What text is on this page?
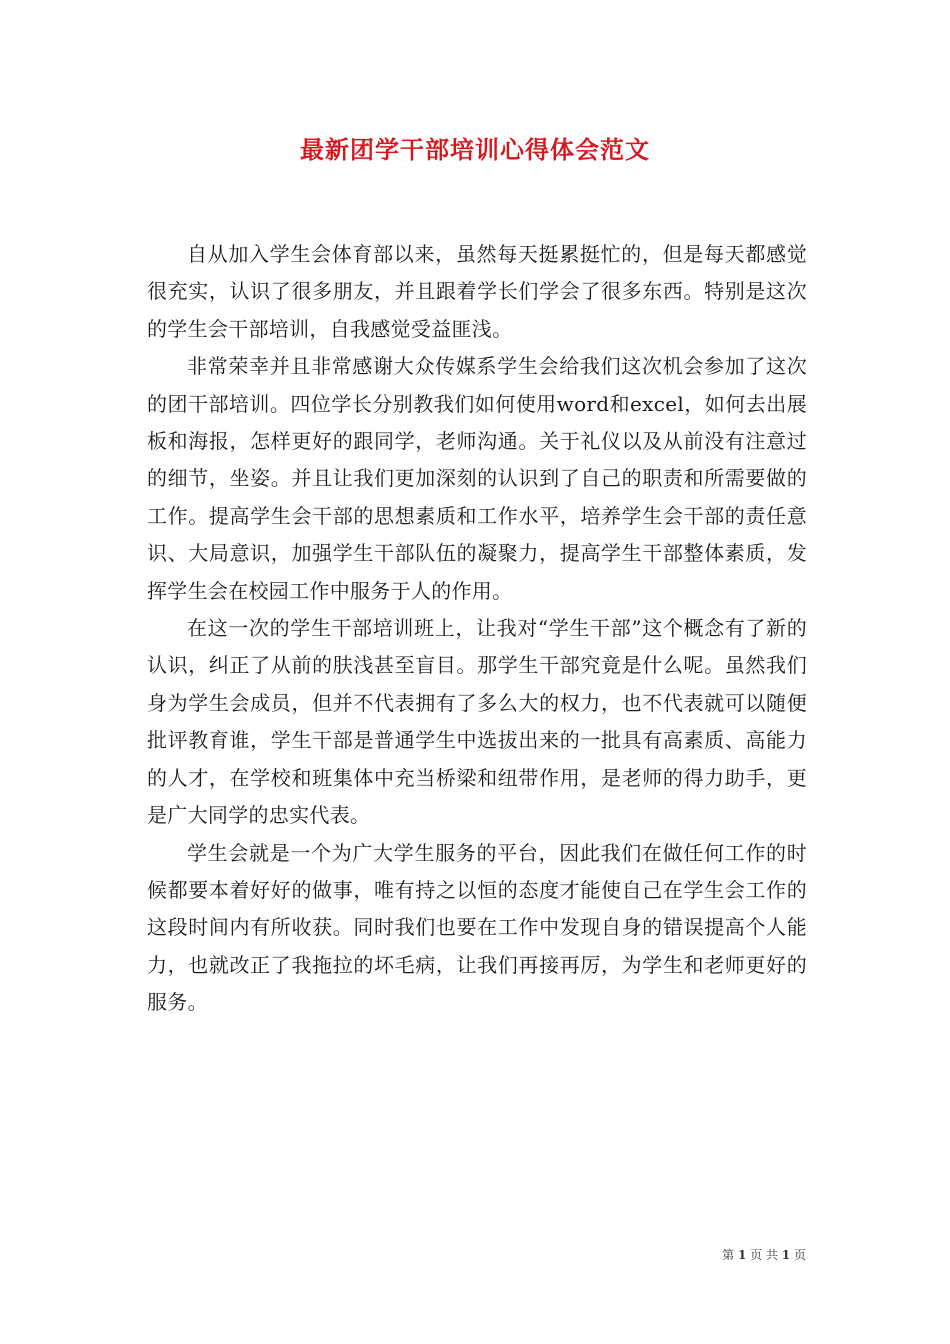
最新团学干部培训心得体会范文

自从加入学生会体育部以来，虽然每天挺累挺忙的，但是每天都感觉很充实，认识了很多朋友，并且跟着学长们学会了很多东西。特别是这次的学生会干部培训，自我感觉受益匪浅。

非常荣幸并且非常感谢大众传媒系学生会给我们这次机会参加了这次的团干部培训。四位学长分别教我们如何使用word和excel，如何去出展板和海报，怎样更好的跟同学，老师沟通。关于礼仪以及从前没有注意过的细节，坐姿。并且让我们更加深刻的认识到了自己的职责和所需要做的工作。提高学生会干部的思想素质和工作水平，培养学生会干部的责任意识、大局意识，加强学生干部队伍的凝聚力，提高学生干部整体素质，发挥学生会在校园工作中服务于人的作用。

在这一次的学生干部培训班上，让我对“学生干部”这个概念有了新的认识，纠正了从前的肤浅甚至盲目。那学生干部究竟是什么呢。虽然我们身为学生会成员，但并不代表拥有了多么大的权力，也不代表就可以随便批评教育谁，学生干部是普通学生中选拔出来的一批具有高素质、高能力的人才，在学校和班集体中充当桥梁和纽带作用，是老师的得力助手，更是广大同学的忠实代表。

学生会就是一个为广大学生服务的平台，因此我们在做任何工作的时候都要本着好好的做事，唯有持之以恒的态度才能使自己在学生会工作的这段时间内有所收获。同时我们也要在工作中发现自身的错误提高个人能力，也就改正了我拖拉的坏毛病，让我们再接再厉，为学生和老师更好的服务。

第 1 页 共 1 页
